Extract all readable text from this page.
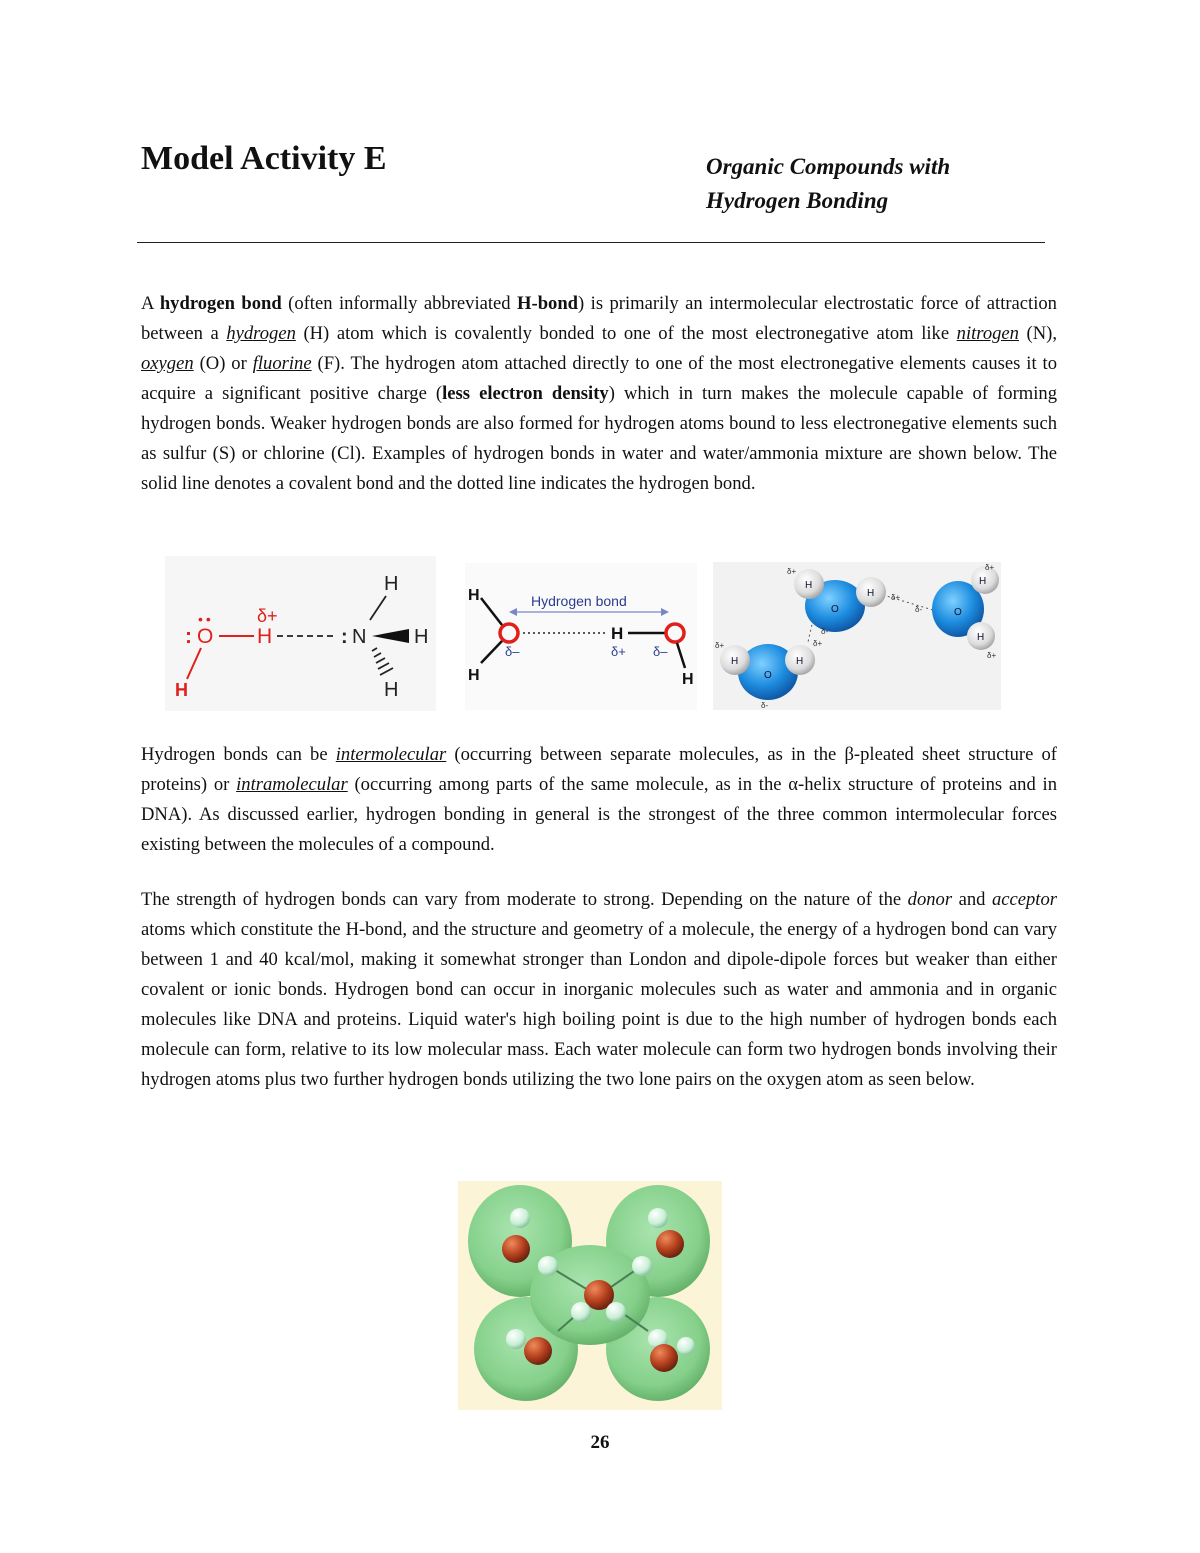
Model Activity E	Organic Compounds with
Hydrogen Bonding

A hydrogen bond (often informally abbreviated H-bond) is primarily an intermolecular electrostatic force of attraction between a hydrogen (H) atom which is covalently bonded to one of the most electronegative atom like nitrogen (N), oxygen (O) or fluorine (F). The hydrogen atom attached directly to one of the most electronegative elements causes it to acquire a significant positive charge (less electron density) which in turn makes the molecule capable of forming hydrogen bonds. Weaker hydrogen bonds are also formed for hydrogen atoms bound to less electronegative elements such as sulfur (S) or chlorine (Cl). Examples of hydrogen bonds in water and water/ammonia mixture are shown below. The solid line denotes a covalent bond and the dotted line indicates the hydrogen bond.

: O
••
H
δ+
H
: N
H
H
H
Hydrogen bond
H
H
δ–
H
δ+ δ–
H
O
H
H
O
H
H
O
H	H
δ+
δ+
δ-
δ-
δ+
δ+
δ-
δ+
δ+

Hydrogen bonds can be intermolecular (occurring between separate molecules, as in the β-pleated sheet structure of proteins) or intramolecular (occurring among parts of the same molecule, as in the α-helix structure of proteins and in DNA). As discussed earlier, hydrogen bonding in general is the strongest of the three common intermolecular forces existing between the molecules of a compound.

The strength of hydrogen bonds can vary from moderate to strong. Depending on the nature of the donor and acceptor atoms which constitute the H-bond, and the structure and geometry of a molecule, the energy of a hydrogen bond can vary between 1 and 40 kcal/mol, making it somewhat stronger than London and dipole-dipole forces but weaker than either covalent or ionic bonds. Hydrogen bond can occur in inorganic molecules such as water and ammonia and in organic molecules like DNA and proteins. Liquid water's high boiling point is due to the high number of hydrogen bonds each molecule can form, relative to its low molecular mass. Each water molecule can form two hydrogen bonds involving their hydrogen atoms plus two further hydrogen bonds utilizing the two lone pairs on the oxygen atom as seen below.

26
